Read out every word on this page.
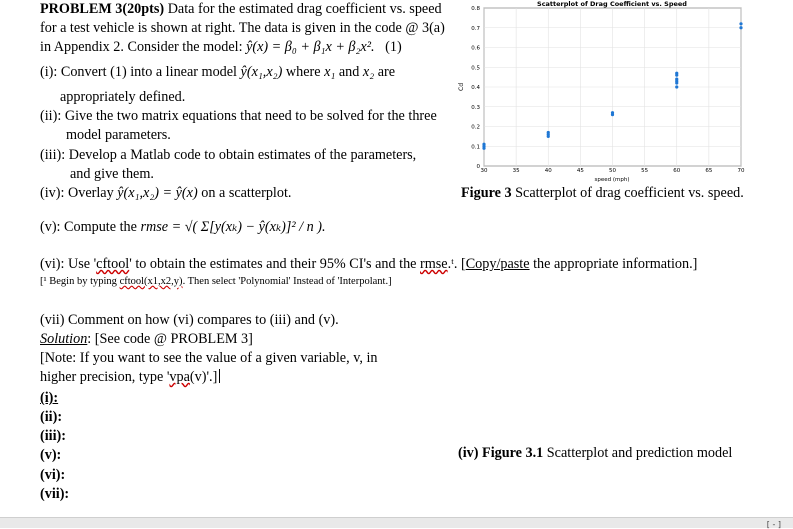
PROBLEM 3(20pts) Data for the estimated drag coefficient vs. speed
for a test vehicle is shown at right. The data is given in the code @ 3(a)
in Appendix 2. Consider the model: ŷ(x) = β₀ + β₁x + β₂x². (1)
(i): Convert (1) into a linear model ŷ(x₁,x₂) where x₁ and x₂ are
appropriately defined.
(ii): Give the two matrix equations that need to be solved for the three
model parameters.
(iii): Develop a Matlab code to obtain estimates of the parameters,
and give them.
(iv): Overlay ŷ(x₁,x₂) = ŷ(x) on a scatterplot.
(v): Compute the rmse = √( Σ[y(xₖ) − ŷ(xₖ)]² / n ).
(vi): Use 'cftool' to obtain the estimates and their 95% CI's and the rmse.ᵗ. [Copy/paste the appropriate information.]
[¹ Begin by typing cftool(x1,x2,y). Then select 'Polynomial' Instead of 'Interpolant.]
(vii) Comment on how (vi) compares to (iii) and (v).
Solution: [See code @ PROBLEM 3]
[Note: If you want to see the value of a given variable, v, in
higher precision, type 'vpa(v)'.]
(i):
(ii):
(iii):
(v):
(vi):
(vii):
Figure 3 Scatterplot of drag coefficient vs. speed.
(iv) Figure 3.1 Scatterplot and prediction model
30	35	40	45	50	55	60	65	70
0
0.1
0.2
0.3
0.4
0.5
0.6
0.7
0.8
Scatterplot of Drag Coefficient vs. Speed
speed (mph)
Cd
[ - ]
